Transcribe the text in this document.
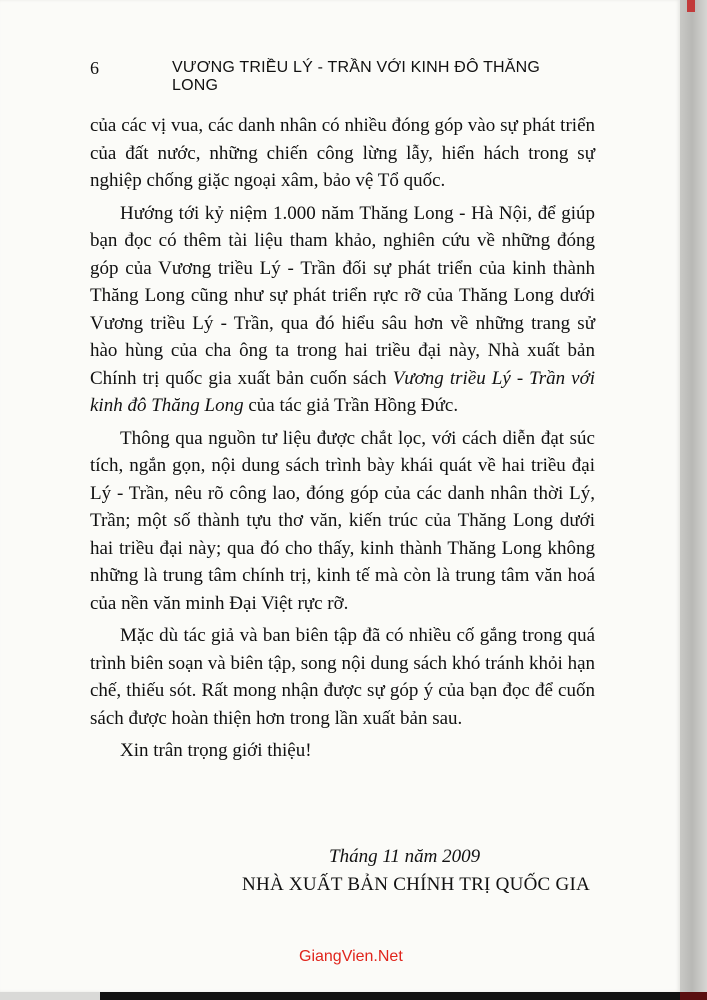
6	VƯƠNG TRIỀU LÝ - TRẦN VỚI KINH ĐÔ THĂNG LONG

của các vị vua, các danh nhân có nhiều đóng góp vào sự phát triển của đất nước, những chiến công lừng lẫy, hiển hách trong sự nghiệp chống giặc ngoại xâm, bảo vệ Tổ quốc.

Hướng tới kỷ niệm 1.000 năm Thăng Long - Hà Nội, để giúp bạn đọc có thêm tài liệu tham khảo, nghiên cứu về những đóng góp của Vương triều Lý - Trần đối sự phát triển của kinh thành Thăng Long cũng như sự phát triển rực rỡ của Thăng Long dưới Vương triều Lý - Trần, qua đó hiểu sâu hơn về những trang sử hào hùng của cha ông ta trong hai triều đại này, Nhà xuất bản Chính trị quốc gia xuất bản cuốn sách Vương triều Lý - Trần với kinh đô Thăng Long của tác giả Trần Hồng Đức.

Thông qua nguồn tư liệu được chắt lọc, với cách diễn đạt súc tích, ngắn gọn, nội dung sách trình bày khái quát về hai triều đại Lý - Trần, nêu rõ công lao, đóng góp của các danh nhân thời Lý, Trần; một số thành tựu thơ văn, kiến trúc của Thăng Long dưới hai triều đại này; qua đó cho thấy, kinh thành Thăng Long không những là trung tâm chính trị, kinh tế mà còn là trung tâm văn hoá của nền văn minh Đại Việt rực rỡ.

Mặc dù tác giả và ban biên tập đã có nhiều cố gắng trong quá trình biên soạn và biên tập, song nội dung sách khó tránh khỏi hạn chế, thiếu sót. Rất mong nhận được sự góp ý của bạn đọc để cuốn sách được hoàn thiện hơn trong lần xuất bản sau.

Xin trân trọng giới thiệu!

Tháng 11 năm 2009
NHÀ XUẤT BẢN CHÍNH TRỊ QUỐC GIA
GiangVien.Net
